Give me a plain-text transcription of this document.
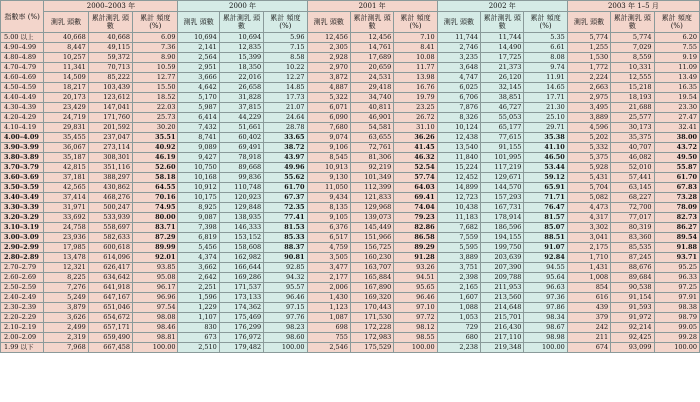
指數率 (%)	2000–2003 年			2000 年			2001 年			2002 年			2003 年 1–5 月		
	測乳 頭數	累計測乳 頭數	累計 頻度(%)	測乳 頭數	累計測乳 頭數	累計 頻度(%)	測乳 頭數	累計測乳 頭數	累計 頻度(%)	測乳 頭數	累計測乳 頭數	累計 頻度(%)	測乳 頭數	累計測乳 頭數	累計 頻度(%)
5.00 以上	40,668	40,668	6.09	10,694	10,694	5.96	12,456	12,456	7.10	11,744	11,744	5.35	5,774	5,774	6.20
4.90–4.99	8,447	49,115	7.36	2,141	12,835	7.15	2,305	14,761	8.41	2,746	14,490	6.61	1,255	7,029	7.55
4.80–4.89	10,257	59,372	8.90	2,564	15,399	8.58	2,928	17,689	10.08	3,235	17,725	8.08	1,530	8,559	9.19
4.70–4.79	11,341	70,713	10.59	2,951	18,350	10.22	2,970	20,659	11.77	3,648	21,373	9.74	1,772	10,331	11.09
4.60–4.69	14,509	85,222	12.77	3,666	22,016	12.27	3,872	24,531	13.98	4,747	26,120	11.91	2,224	12,555	13.49
4.50–4.59	18,217	103,439	15.50	4,642	26,658	14.85	4,887	29,418	16.76	6,025	32,145	14.65	2,663	15,218	16.35
4.40–4.49	20,173	123,612	18.52	5,170	31,828	17.73	5,322	34,740	19.79	6,706	38,851	17.71	2,975	18,193	19.54
4.30–4.39	23,429	147,041	22.03	5,987	37,815	21.07	6,071	40,811	23.25	7,876	46,727	21.30	3,495	21,688	23.30
4.20–4.29	24,719	171,760	25.73	6,414	44,229	24.64	6,090	46,901	26.72	8,326	55,053	25.10	3,889	25,577	27.47
4.10–4.19	29,831	201,592	30.20	7,432	51,661	28.78	7,680	54,581	31.10	10,124	65,177	29.71	4,596	30,173	32.41
4.00–4.09	35,455	237,047	35.51	8,741	60,402	33.65	9,074	63,655	36.26	12,438	77,615	35.38	5,202	35,375	38.00
3.90–3.99	36,067	273,114	40.92	9,089	69,491	38.72	9,106	72,761	41.45	13,540	91,155	41.10	5,332	40,707	43.72
3.80–3.89	35,187	308,301	46.19	9,427	78,918	43.97	8,545	81,306	46.32	11,840	101,995	46.50	5,375	46,082	49.50
3.70–3.79	42,815	351,116	52.60	10,750	89,668	49.96	10,913	92,219	52.54	15,224	117,219	53.44	5,928	52,010	55.87
3.60–3.69	37,181	388,297	58.18	10,168	99,836	55.62	9,130	101,349	57.74	12,452	129,671	59.12	5,431	57,441	61.70
3.50–3.59	42,565	430,862	64.55	10,912	110,748	61.70	11,050	112,399	64.03	14,899	144,570	65.91	5,704	63,145	67.83
3.40–3.49	37,414	468,276	70.16	10,175	120,923	67.37	9,434	121,833	69.41	12,723	157,293	71.71	5,082	68,227	73.28
3.30–3.39	31,971	500,247	74.95	8,925	129,848	72.35	8,135	129,968	74.04	10,438	167,731	76.47	4,473	72,700	78.09
3.20–3.29	33,692	533,939	80.00	9,087	138,935	77.41	9,105	139,073	79.23	11,183	178,914	81.57	4,317	77,017	82.73
3.10–3.19	24,758	558,697	83.71	7,398	146,333	81.53	6,376	145,449	82.86	7,682	186,596	85.07	3,302	80,319	86.27
3.00–3.09	23,936	582,633	87.29	6,819	153,152	85.33	6,517	151,966	86.58	7,559	194,155	88.51	3,041	83,360	89.54
2.90–2.99	17,985	600,618	89.99	5,456	158,608	88.37	4,759	156,725	89.29	5,595	199,750	91.07	2,175	85,535	91.88
2.80–2.89	13,478	614,096	92.01	4,374	162,982	90.81	3,505	160,230	91.28	3,889	203,639	92.84	1,710	87,245	93.71
2.70–2.79	12,321	626,417	93.85	3,662	166,644	92.85	3,477	163,707	93.26	3,751	207,390	94.55	1,431	88,676	95.25
2.60–2.69	8,225	634,642	95.08	2,642	169,286	94.32	2,177	165,884	94.51	2,398	209,788	95.64	1,008	89,684	96.33
2.50–2.59	7,276	641,918	96.17	2,251	171,537	95.57	2,006	167,890	95.65	2,165	211,953	96.63	854	90,538	97.25
2.40–2.49	5,249	647,167	96.96	1,596	173,133	96.46	1,430	169,320	96.46	1,607	213,560	97.36	616	91,154	97.91
2.30–2.39	3,879	651,046	97.54	1,229	174,362	97.15	1,123	170,443	97.10	1,088	214,648	97.86	439	91,593	98.38
2.20–2.29	3,626	654,672	98.08	1,107	175,469	97.76	1,087	171,530	97.72	1,053	215,701	98.34	379	91,972	98.79
2.10–2.19	2,499	657,171	98.46	830	176,299	98.23	698	172,228	98.12	729	216,430	98.67	242	92,214	99.05
2.00–2.09	2,319	659,490	98.81	673	176,972	98.60	755	172,983	98.55	680	217,110	98.98	211	92,425	99.28
1.99 以下	7,968	667,458	100.00	2,510	179,482	100.00	2,546	175,529	100.00	2,238	219,348	100.00	674	93,099	100.00
